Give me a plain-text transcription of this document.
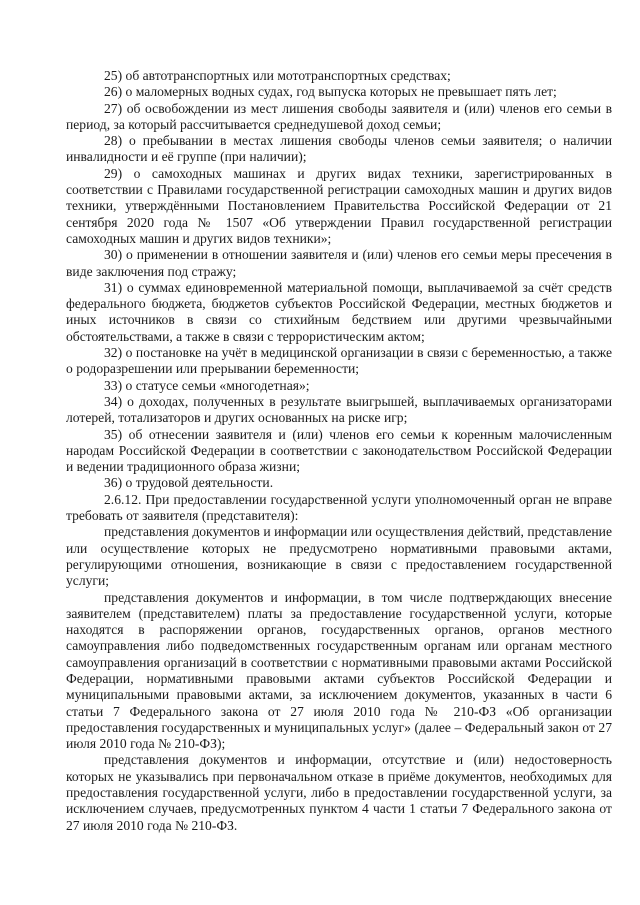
25) об автотранспортных или мототранспортных средствах;

26) о маломерных водных судах, год выпуска которых не превышает пять лет;

27) об освобождении из мест лишения свободы заявителя и (или) членов его семьи в период, за который рассчитывается среднедушевой доход семьи;

28) о пребывании в местах лишения свободы членов семьи заявителя; о наличии инвалидности и её группе (при наличии);

29) о самоходных машинах и других видах техники, зарегистрированных в соответствии с Правилами государственной регистрации самоходных машин и других видов техники, утверждёнными Постановлением Правительства Российской Федерации от 21 сентября 2020 года № 1507 «Об утверждении Правил государственной регистрации самоходных машин и других видов техники»;

30) о применении в отношении заявителя и (или) членов его семьи меры пресечения в виде заключения под стражу;

31) о суммах единовременной материальной помощи, выплачиваемой за счёт средств федерального бюджета, бюджетов субъектов Российской Федерации, местных бюджетов и иных источников в связи со стихийным бедствием или другими чрезвычайными обстоятельствами, а также в связи с террористическим актом;

32) о постановке на учёт в медицинской организации в связи с беременностью, а также о родоразрешении или прерывании беременности;

33) о статусе семьи «многодетная»;

34) о доходах, полученных в результате выигрышей, выплачиваемых организаторами лотерей, тотализаторов и других основанных на риске игр;

35) об отнесении заявителя и (или) членов его семьи к коренным малочисленным народам Российской Федерации в соответствии с законодательством Российской Федерации и ведении традиционного образа жизни;

36) о трудовой деятельности.

2.6.12. При предоставлении государственной услуги уполномоченный орган не вправе требовать от заявителя (представителя):

представления документов и информации или осуществления действий, представление или осуществление которых не предусмотрено нормативными правовыми актами, регулирующими отношения, возникающие в связи с предоставлением государственной услуги;

представления документов и информации, в том числе подтверждающих внесение заявителем (представителем) платы за предоставление государственной услуги, которые находятся в распоряжении органов, государственных органов, органов местного самоуправления либо подведомственных государственным органам или органам местного самоуправления организаций в соответствии с нормативными правовыми актами Российской Федерации, нормативными правовыми актами субъектов Российской Федерации и муниципальными правовыми актами, за исключением документов, указанных в части 6 статьи 7 Федерального закона от 27 июля 2010 года № 210-ФЗ «Об организации предоставления государственных и муниципальных услуг» (далее – Федеральный закон от 27 июля 2010 года № 210-ФЗ);

представления документов и информации, отсутствие и (или) недостоверность которых не указывались при первоначальном отказе в приёме документов, необходимых для предоставления государственной услуги, либо в предоставлении государственной услуги, за исключением случаев, предусмотренных пунктом 4 части 1 статьи 7 Федерального закона от 27 июля 2010 года № 210-ФЗ.
